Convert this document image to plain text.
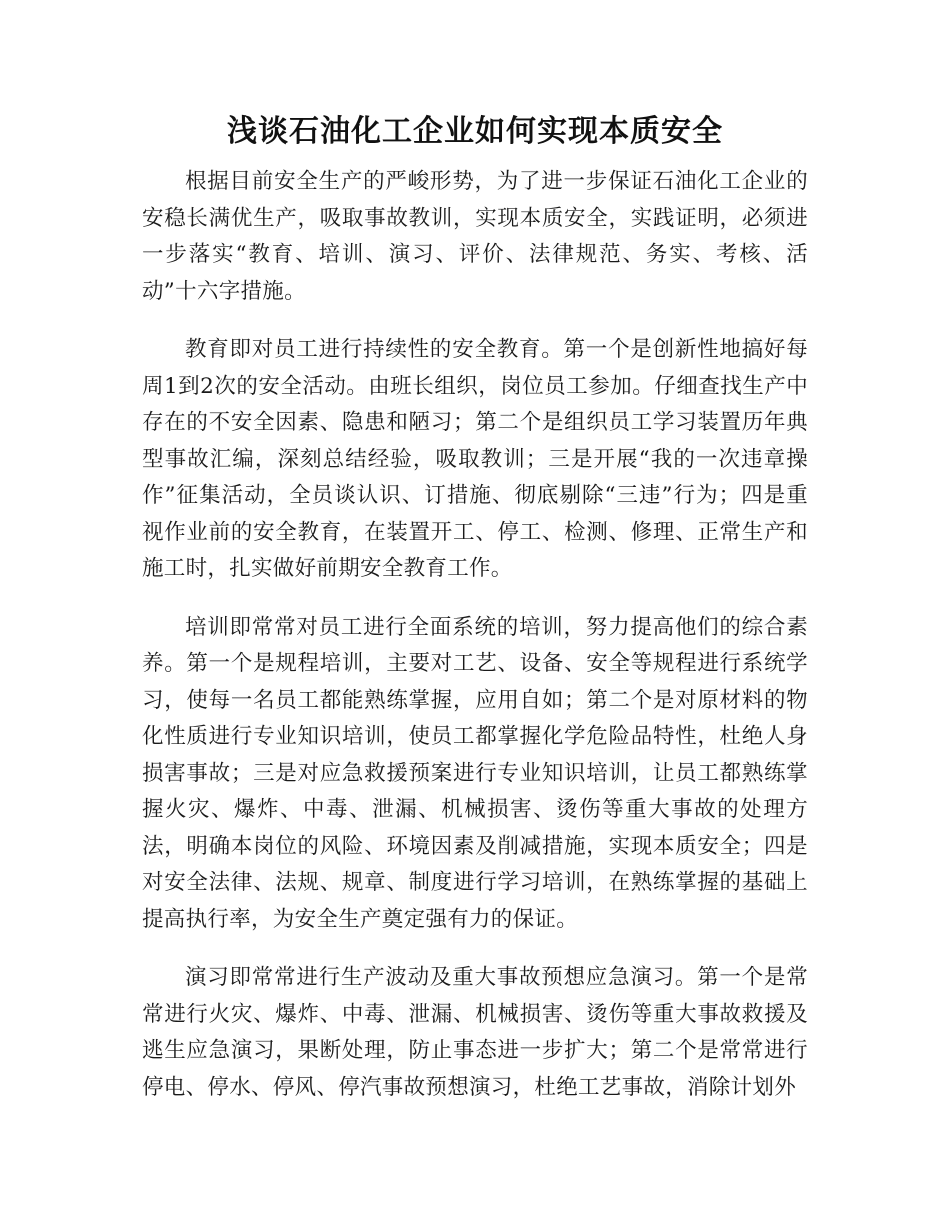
浅谈石油化工企业如何实现本质安全

根据目前安全生产的严峻形势，为了进一步保证石油化工企业的安稳长满优生产，吸取事故教训，实现本质安全，实践证明，必须进一步落实“教育、培训、演习、评价、法律规范、务实、考核、活动”十六字措施。

教育即对员工进行持续性的安全教育。第一个是创新性地搞好每周1到2次的安全活动。由班长组织，岗位员工参加。仔细查找生产中存在的不安全因素、隐患和陋习；第二个是组织员工学习装置历年典型事故汇编，深刻总结经验，吸取教训；三是开展“我的一次违章操作”征集活动，全员谈认识、订措施、彻底剔除“三违”行为；四是重视作业前的安全教育，在装置开工、停工、检测、修理、正常生产和施工时，扎实做好前期安全教育工作。

培训即常常对员工进行全面系统的培训，努力提高他们的综合素养。第一个是规程培训，主要对工艺、设备、安全等规程进行系统学习，使每一名员工都能熟练掌握，应用自如；第二个是对原材料的物化性质进行专业知识培训，使员工都掌握化学危险品特性，杜绝人身损害事故；三是对应急救援预案进行专业知识培训，让员工都熟练掌握火灾、爆炸、中毒、泄漏、机械损害、烫伤等重大事故的处理方法，明确本岗位的风险、环境因素及削减措施，实现本质安全；四是对安全法律、法规、规章、制度进行学习培训，在熟练掌握的基础上提高执行率，为安全生产奠定强有力的保证。

演习即常常进行生产波动及重大事故预想应急演习。第一个是常常进行火灾、爆炸、中毒、泄漏、机械损害、烫伤等重大事故救援及逃生应急演习，果断处理，防止事态进一步扩大；第二个是常常进行停电、停水、停风、停汽事故预想演习，杜绝工艺事故，消除计划外
